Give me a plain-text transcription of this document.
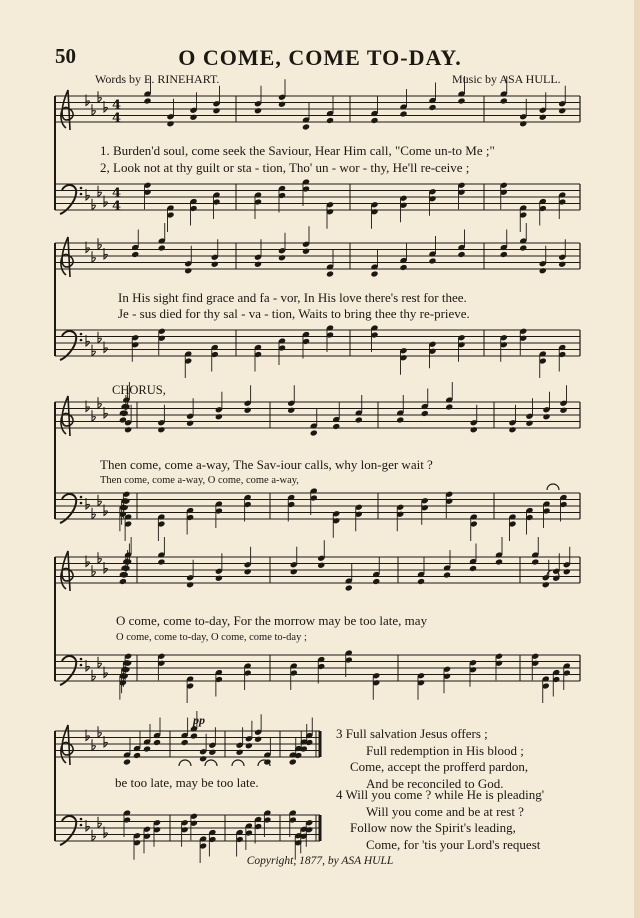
50	O COME, COME TO-DAY.
Words by E. RINEHART.	Music by ASA HULL.
4
4
4
4
1. Burden'd soul, come seek the Saviour, Hear Him call, "Come un-to Me ;"
2, Look not at thy guilt or sta - tion, Tho' un - wor - thy, He'll re-ceive ;
In His sight find grace and fa - vor, In His love there's rest for thee.
Je - sus died for thy sal - va - tion, Waits to bring thee thy re-prieve.
CHORUS,
Then come, come a-way, The Sav-iour calls, why lon-ger wait ?
Then come, come a-way, O come, come a-way,
O come, come to-day, For the morrow may be too late, may
O come, come to-day, O come, come to-day ;
pp
be too late, may be too late.
3 Full salvation Jesus offers ;
Full redemption in His blood ;
Come, accept the profferd pardon,
And be reconciled to God.
4 Will you come ? while He is pleading'
Will you come and be at rest ?
Follow now the Spirit's leading,
Come, for 'tis your Lord's request
Copyright, 1877, by ASA HULL
